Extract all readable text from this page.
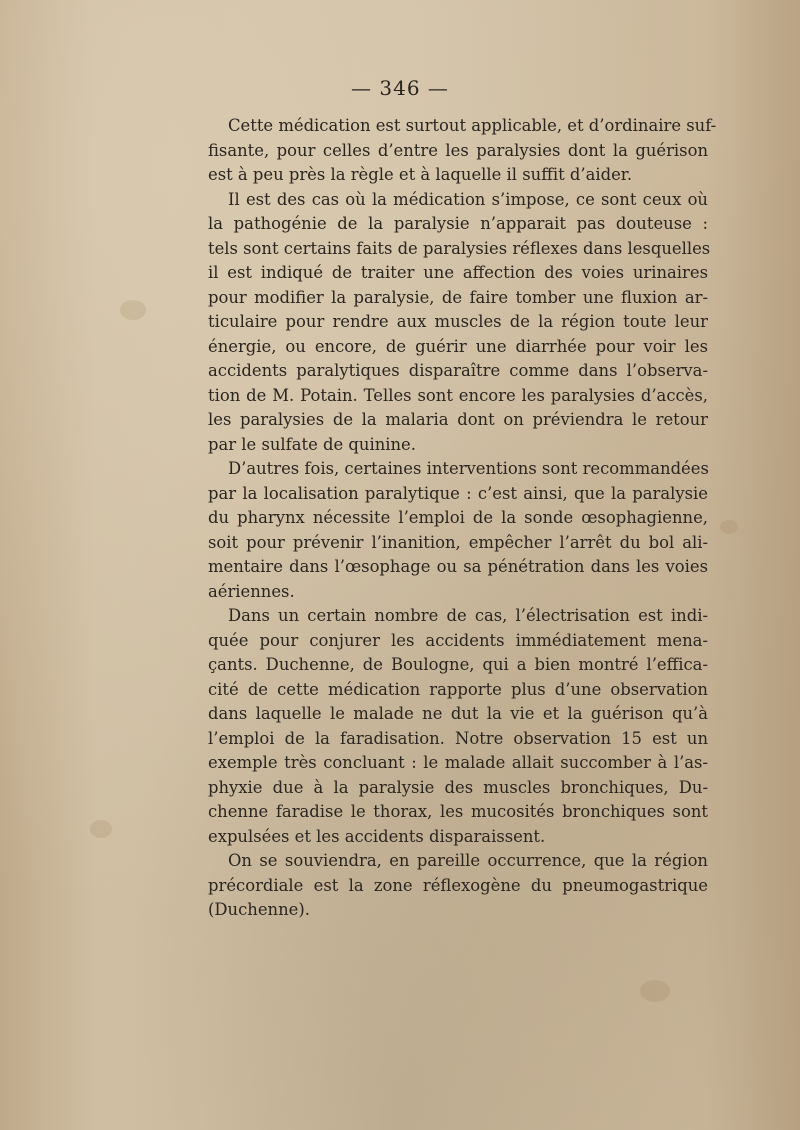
— 346 —
Cette médication est surtout applicable, et d’ordinaire suf-
fisante, pour celles d’entre les paralysies dont la guérison
est à peu près la règle et à laquelle il suffit d’aider.
Il est des cas où la médication s’impose, ce sont ceux où
la pathogénie de la paralysie n’apparait pas douteuse :
tels sont certains faits de paralysies réflexes dans lesquelles
il est indiqué de traiter une affection des voies urinaires
pour modifier la paralysie, de faire tomber une fluxion ar-
ticulaire pour rendre aux muscles de la région toute leur
énergie, ou encore, de guérir une diarrhée pour voir les
accidents paralytiques disparaître comme dans l’observa-
tion de M. Potain. Telles sont encore les paralysies d’accès,
les paralysies de la malaria dont on préviendra le retour
par le sulfate de quinine.
D’autres fois, certaines interventions sont recommandées
par la localisation paralytique : c’est ainsi, que la paralysie
du pharynx nécessite l’emploi de la sonde œsophagienne,
soit pour prévenir l’inanition, empêcher l’arrêt du bol ali-
mentaire dans l’œsophage ou sa pénétration dans les voies
aériennes.
Dans un certain nombre de cas, l’électrisation est indi-
quée pour conjurer les accidents immédiatement mena-
çants. Duchenne, de Boulogne, qui a bien montré l’effica-
cité de cette médication rapporte plus d’une observation
dans laquelle le malade ne dut la vie et la guérison qu’à
l’emploi de la faradisation. Notre observation 15 est un
exemple très concluant : le malade allait succomber à l’as-
phyxie due à la paralysie des muscles bronchiques, Du-
chenne faradise le thorax, les mucosités bronchiques sont
expulsées et les accidents disparaissent.
On se souviendra, en pareille occurrence, que la région
précordiale est la zone réflexogène du pneumogastrique
(Duchenne).
